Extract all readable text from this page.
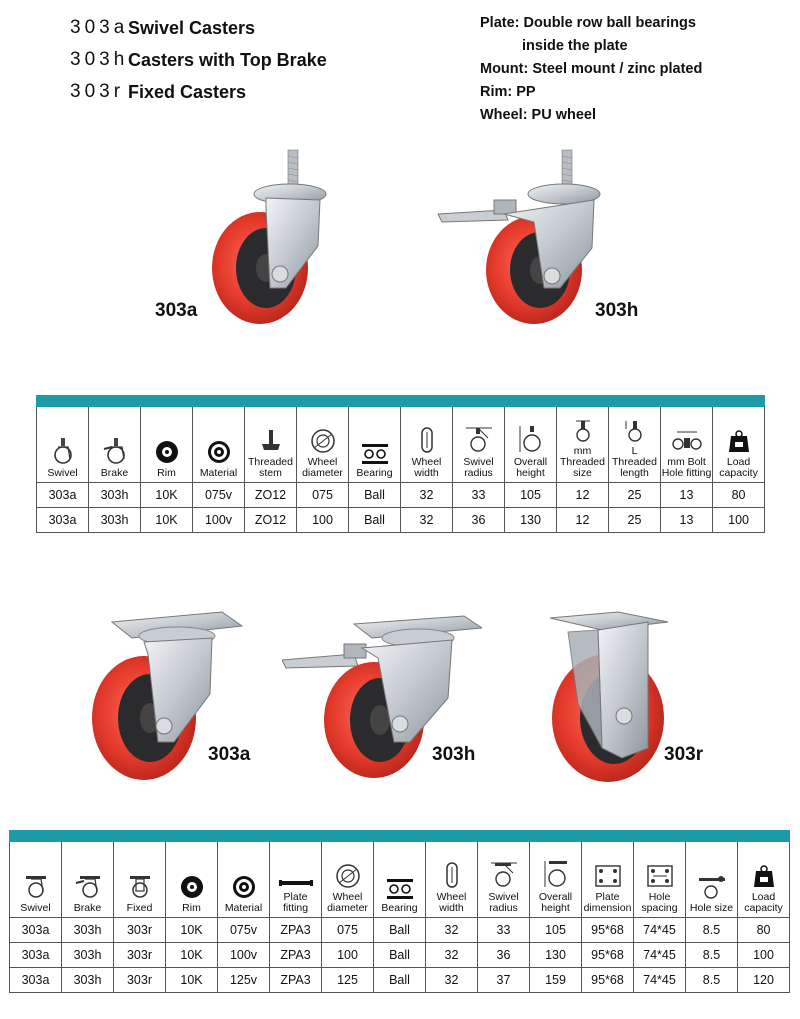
303a Swivel Casters
303h Casters with Top Brake
303r Fixed Casters
Plate: Double row ball bearings
inside the plate
Mount: Steel mount / zinc plated
Rim: PP
Wheel: PU wheel
303a	303h

Swivel	Brake	Rim	Material	Threaded stem	Wheel diameter	Bearing	Wheel width	Swivel radius	Overall height	mm Threaded size	L Threaded length	mm Bolt Hole fitting	Load capacity

303a	303h	10K	075v	ZO12	075	Ball	32	33	105	12	25	13	80
303a	303h	10K	100v	ZO12	100	Ball	32	36	130	12	25	13	100
303a	303h	303r

Swivel	Brake	Fixed	Rim	Material	Plate fitting	Wheel diameter	Bearing	Wheel width	Swivel radius	Overall height	Plate dimension	Hole spacing	Hole size	Load capacity

303a	303h	303r	10K	075v	ZPA3	075	Ball	32	33	105	95*68	74*45	8.5	80
303a	303h	303r	10K	100v	ZPA3	100	Ball	32	36	130	95*68	74*45	8.5	100
303a	303h	303r	10K	125v	ZPA3	125	Ball	32	37	159	95*68	74*45	8.5	120
